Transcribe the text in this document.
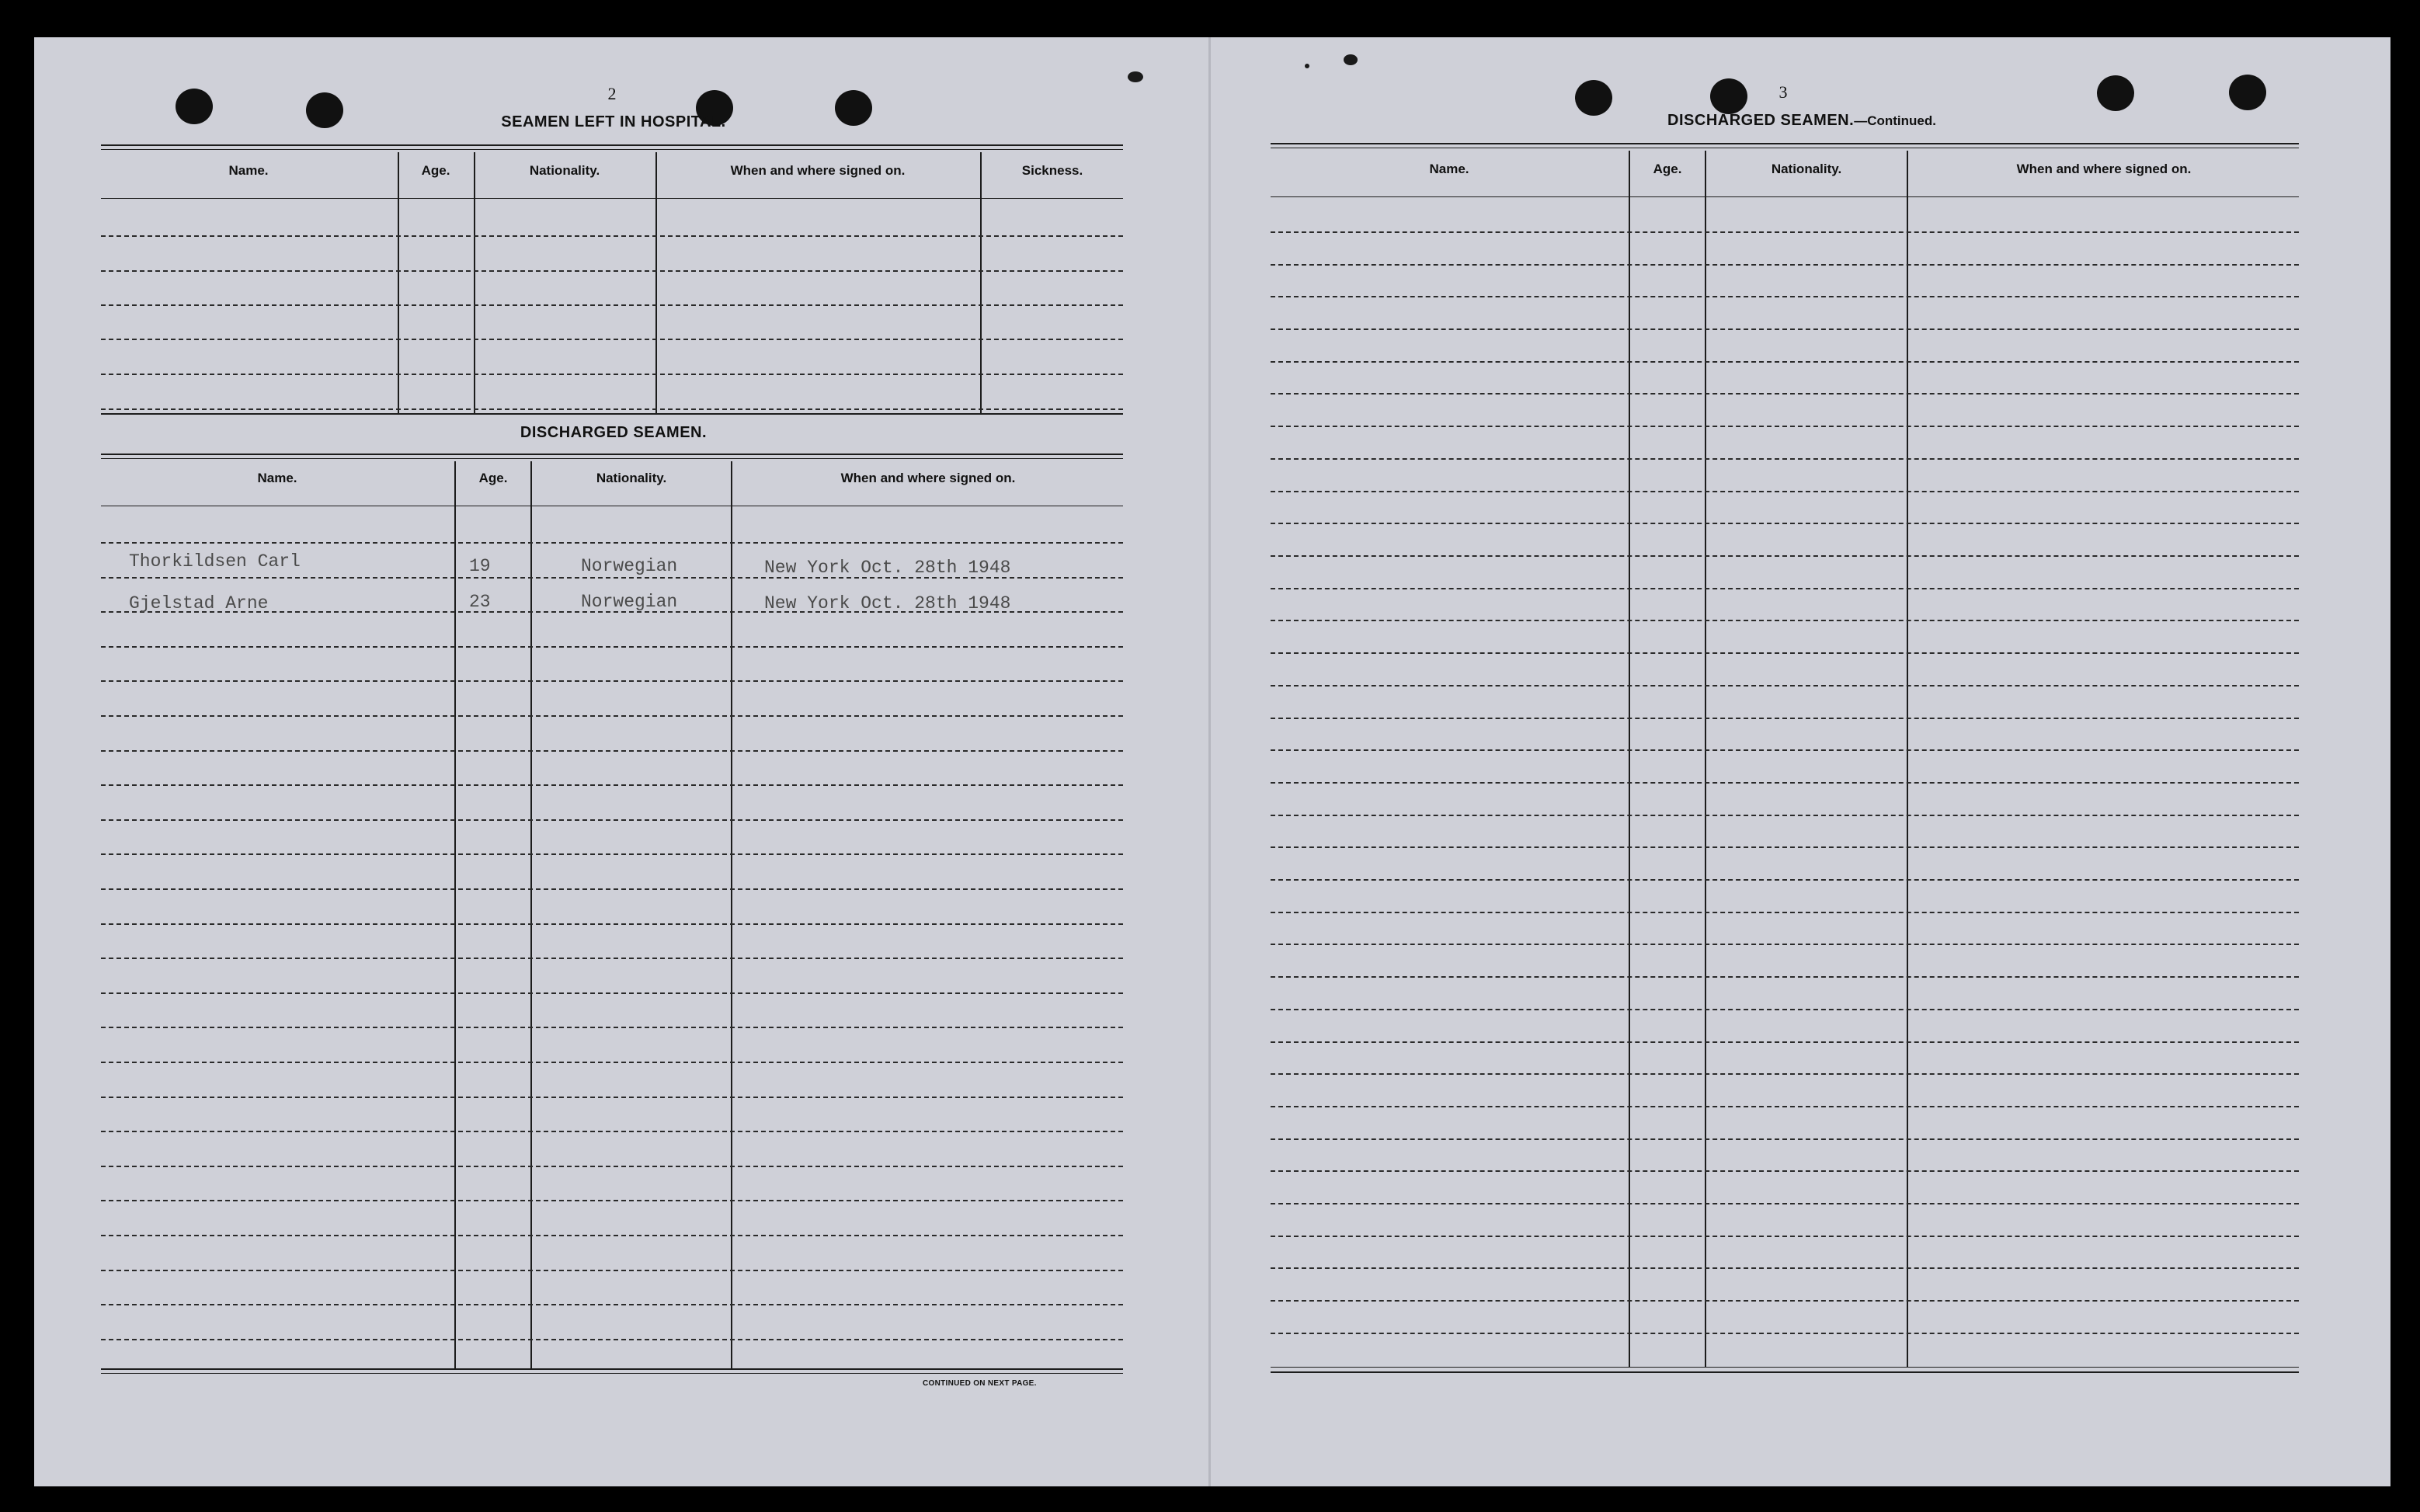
2
SEAMEN LEFT IN HOSPITAL.
Name.	Age.	Nationality.	When and where signed on.	Sickness.
DISCHARGED SEAMEN.
Name.	Age.	Nationality.	When and where signed on.
Thorkildsen Carl	19	Norwegian	New York Oct. 28th 1948
Gjelstad Arne	23	Norwegian	New York Oct. 28th 1948
CONTINUED ON NEXT PAGE.
3
DISCHARGED SEAMEN.—Continued.
Name.	Age.	Nationality.	When and where signed on.
